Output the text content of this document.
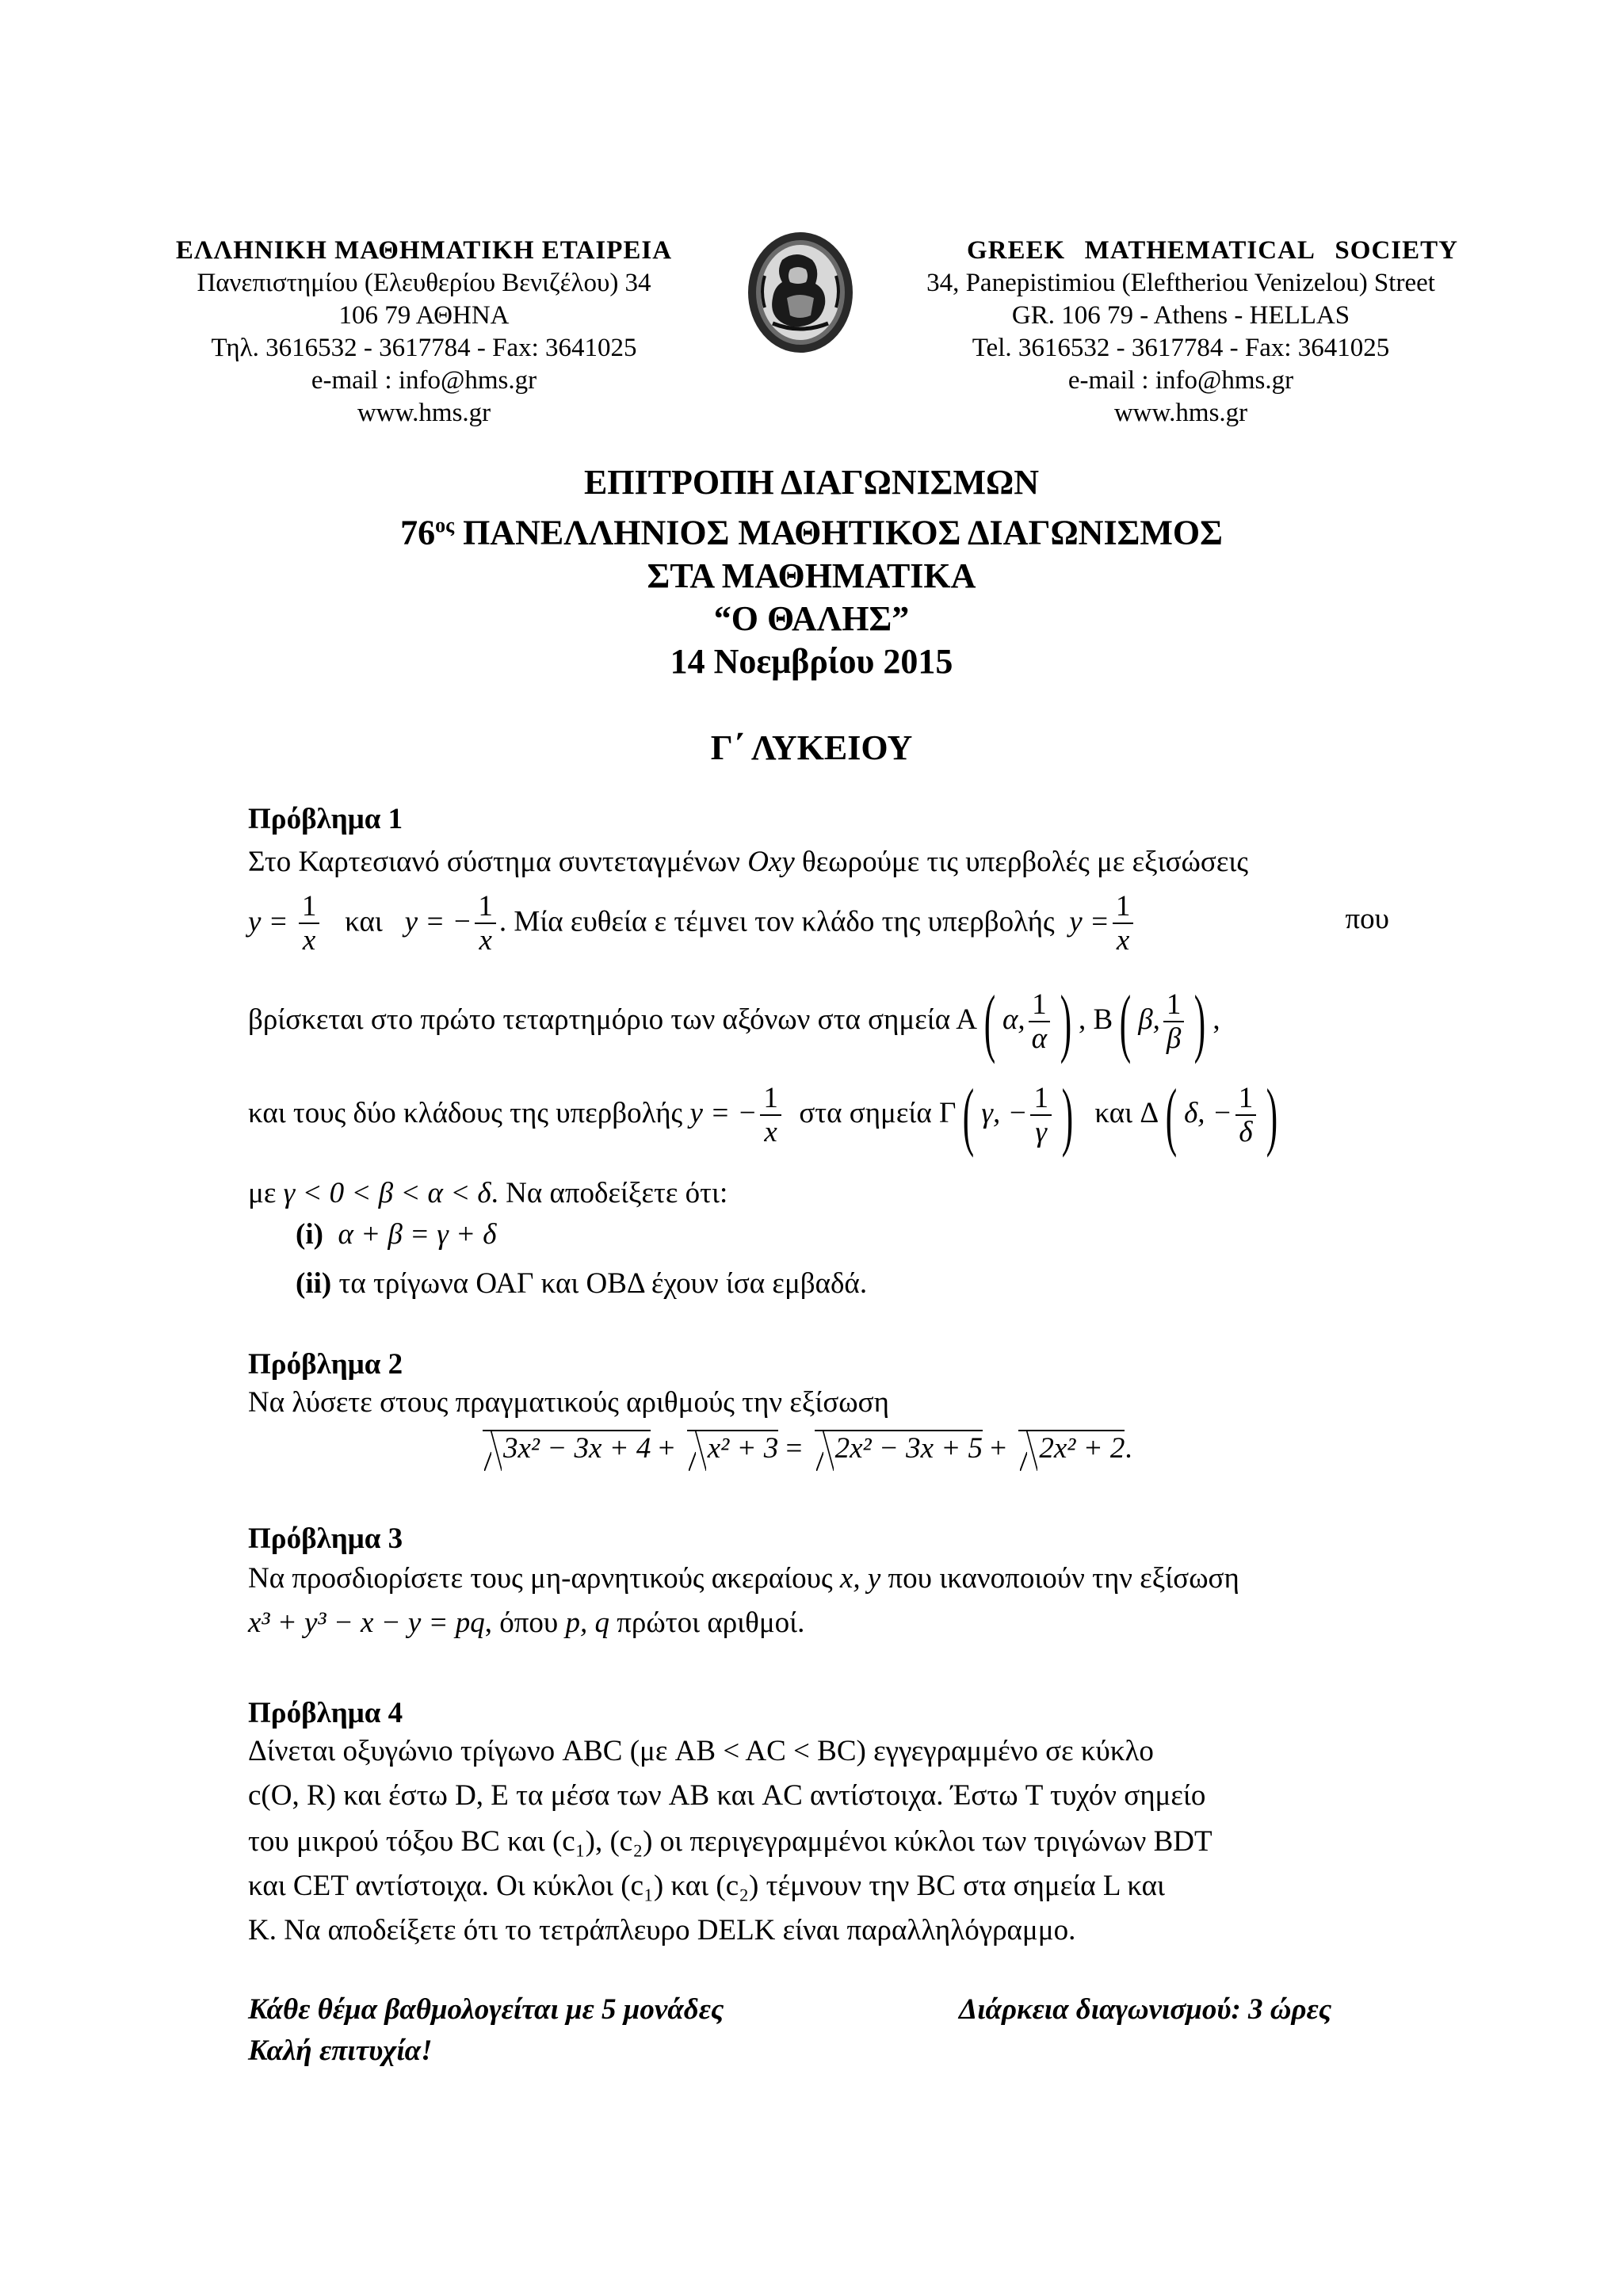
ΕΛΛΗΝΙΚΗ ΜΑΘΗΜΑΤΙΚΗ ΕΤΑΙΡΕΙΑ
Πανεπιστημίου (Ελευθερίου Βενιζέλου) 34
106 79 ΑΘΗΝΑ
Τηλ. 3616532 - 3617784 - Fax: 3641025
e-mail : info@hms.gr
www.hms.gr
GREEK MATHEMATICAL SOCIETY
34, Panepistimiou (Eleftheriou Venizelou) Street
GR. 106 79 - Athens - HELLAS
Tel. 3616532 - 3617784 - Fax: 3641025
e-mail : info@hms.gr
www.hms.gr
ΕΠΙΤΡΟΠΗ ΔΙΑΓΩΝΙΣΜΩΝ
$76^{o\varsigma}$ ΠΑΝΕΛΛΗΝΙΟΣ ΜΑΘΗΤΙΚΟΣ ΔΙΑΓΩΝΙΣΜΟΣ
ΣΤΑ ΜΑΘΗΜΑΤΙΚΑ
“Ο ΘΑΛΗΣ”
14 Νοεμβρίου 2015
Γ΄ ΛΥΚΕΙΟΥ
Πρόβλημα 1
Στο Καρτεσιανό σύστημα συντεταγμένων Oxy θεωρούμε τις υπερβολές με εξισώσεις
$y = \frac{1}{x}$ και y = − $\frac{1}{x}$ . Μία ευθεία ε τέμνει τον κλάδο της υπερβολής $y = \frac{1}{x}$	που
βρίσκεται στο πρώτο τεταρτημόριο των αξόνων στα σημεία Α( α, $\frac{1}{\alpha}$ ) , Β( β, $\frac{1}{\beta}$ ) ,
και τους δύο κλάδους της υπερβολής y = − $\frac{1}{x}$ στα σημεία Γ( γ, − $\frac{1}{\gamma}$ ) και Δ( δ, − $\frac{1}{\delta}$ )
με γ < 0 < β < α < δ. Να αποδείξετε ότι:
(i) α + β = γ + δ
(ii) τα τρίγωνα ΟΑΓ και ΟΒΔ έχουν ίσα εμβαδά.
Πρόβλημα 2
Να λύσετε στους πραγματικούς αριθμούς την εξίσωση
3x² − 3x + 4 + x² + 3 = 2x² − 3x + 5 + 2x² + 2.
Πρόβλημα 3
Να προσδιορίσετε τους μη-αρνητικούς ακεραίους x, y που ικανοποιούν την εξίσωση
x³ + y³ − x − y = pq, όπου p, q πρώτοι αριθμοί.
Πρόβλημα 4
Δίνεται οξυγώνιο τρίγωνο ABC (με AB < AC < BC) εγγεγραμμένο σε κύκλο
c(O, R) και έστω D, E τα μέσα των AB και AC αντίστοιχα. Έστω T τυχόν σημείο
του μικρού τόξου BC και (c₁), (c₂) οι περιγεγραμμένοι κύκλοι των τριγώνων BDT
και CET αντίστοιχα. Οι κύκλοι (c₁) και (c₂) τέμνουν την BC στα σημεία L και
K. Να αποδείξετε ότι το τετράπλευρο DELK είναι παραλληλόγραμμο.
Κάθε θέμα βαθμολογείται με 5 μονάδες
Καλή επιτυχία!
Διάρκεια διαγωνισμού: 3 ώρες
